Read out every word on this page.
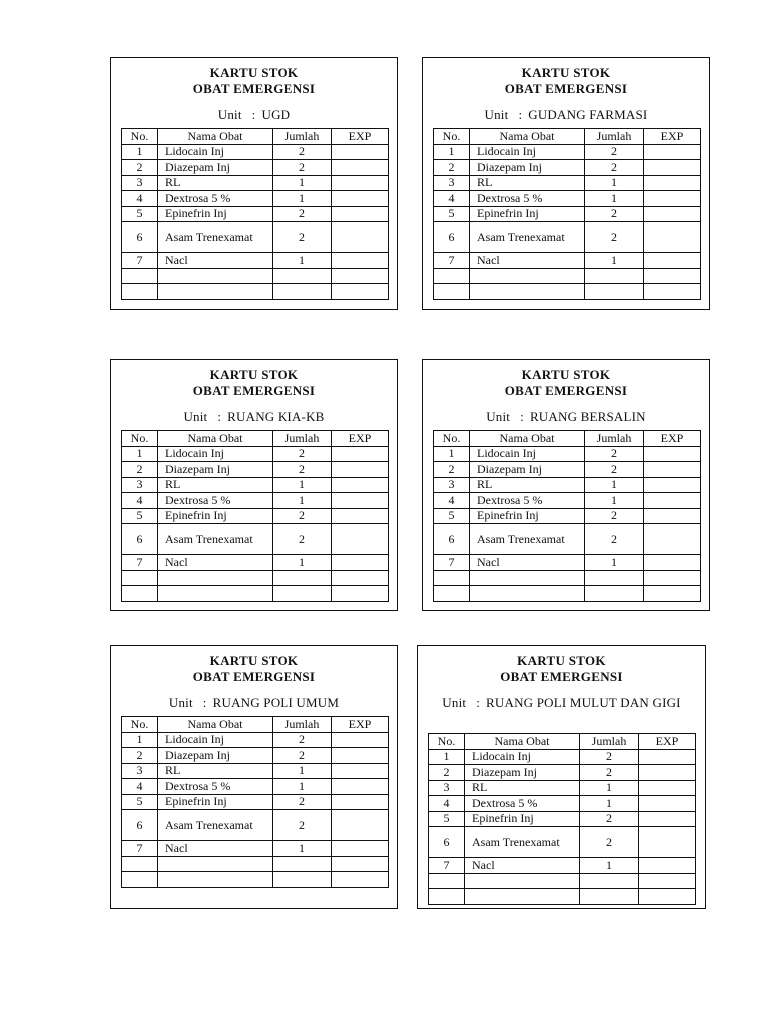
KARTU STOK
OBAT EMERGENSI
Unit : UGD
No.	Nama Obat	Jumlah	EXP
1	Lidocain Inj	2	
2	Diazepam Inj	2	
3	RL	1	
4	Dextrosa 5 %	1	
5	Epinefrin Inj	2	
6	Asam Trenexamat	2	
7	Nacl	1	

KARTU STOK
OBAT EMERGENSI
Unit : GUDANG FARMASI
No.	Nama Obat	Jumlah	EXP
1	Lidocain Inj	2	
2	Diazepam Inj	2	
3	RL	1	
4	Dextrosa 5 %	1	
5	Epinefrin Inj	2	
6	Asam Trenexamat	2	
7	Nacl	1	

KARTU STOK
OBAT EMERGENSI
Unit : RUANG KIA-KB
No.	Nama Obat	Jumlah	EXP
1	Lidocain Inj	2	
2	Diazepam Inj	2	
3	RL	1	
4	Dextrosa 5 %	1	
5	Epinefrin Inj	2	
6	Asam Trenexamat	2	
7	Nacl	1	

KARTU STOK
OBAT EMERGENSI
Unit : RUANG BERSALIN
No.	Nama Obat	Jumlah	EXP
1	Lidocain Inj	2	
2	Diazepam Inj	2	
3	RL	1	
4	Dextrosa 5 %	1	
5	Epinefrin Inj	2	
6	Asam Trenexamat	2	
7	Nacl	1	

KARTU STOK
OBAT EMERGENSI
Unit : RUANG POLI UMUM
No.	Nama Obat	Jumlah	EXP
1	Lidocain Inj	2	
2	Diazepam Inj	2	
3	RL	1	
4	Dextrosa 5 %	1	
5	Epinefrin Inj	2	
6	Asam Trenexamat	2	
7	Nacl	1	

KARTU STOK
OBAT EMERGENSI
Unit : RUANG POLI MULUT DAN GIGI
No.	Nama Obat	Jumlah	EXP
1	Lidocain Inj	2	
2	Diazepam Inj	2	
3	RL	1	
4	Dextrosa 5 %	1	
5	Epinefrin Inj	2	
6	Asam Trenexamat	2	
7	Nacl	1	
